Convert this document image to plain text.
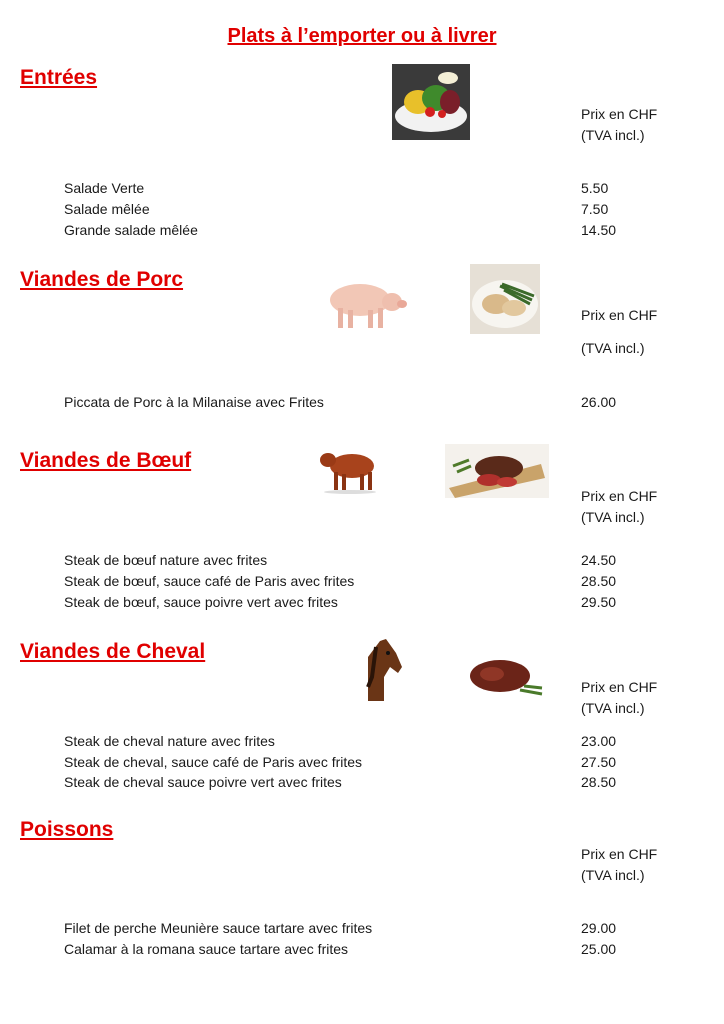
Plats à l’emporter ou à livrer
Entrées
Prix en CHF
(TVA incl.)
Salade Verte	5.50
Salade mêlée	7.50
Grande salade mêlée	14.50
Viandes de Porc
Prix en CHF
(TVA incl.)
Piccata de Porc à la Milanaise avec Frites	26.00
Viandes de Bœuf
Prix en CHF
(TVA incl.)
Steak de bœuf nature avec frites	24.50
Steak de bœuf, sauce café de Paris avec frites	28.50
Steak de bœuf, sauce poivre vert avec frites	29.50
Viandes de Cheval
Prix en CHF
(TVA incl.)
Steak de cheval nature avec frites	23.00
Steak de cheval, sauce café de Paris avec frites	27.50
Steak de cheval sauce poivre vert avec frites	28.50
Poissons
Prix en CHF
(TVA incl.)
Filet de perche Meunière sauce tartare avec frites	29.00
Calamar à la romana sauce tartare avec frites	25.00
